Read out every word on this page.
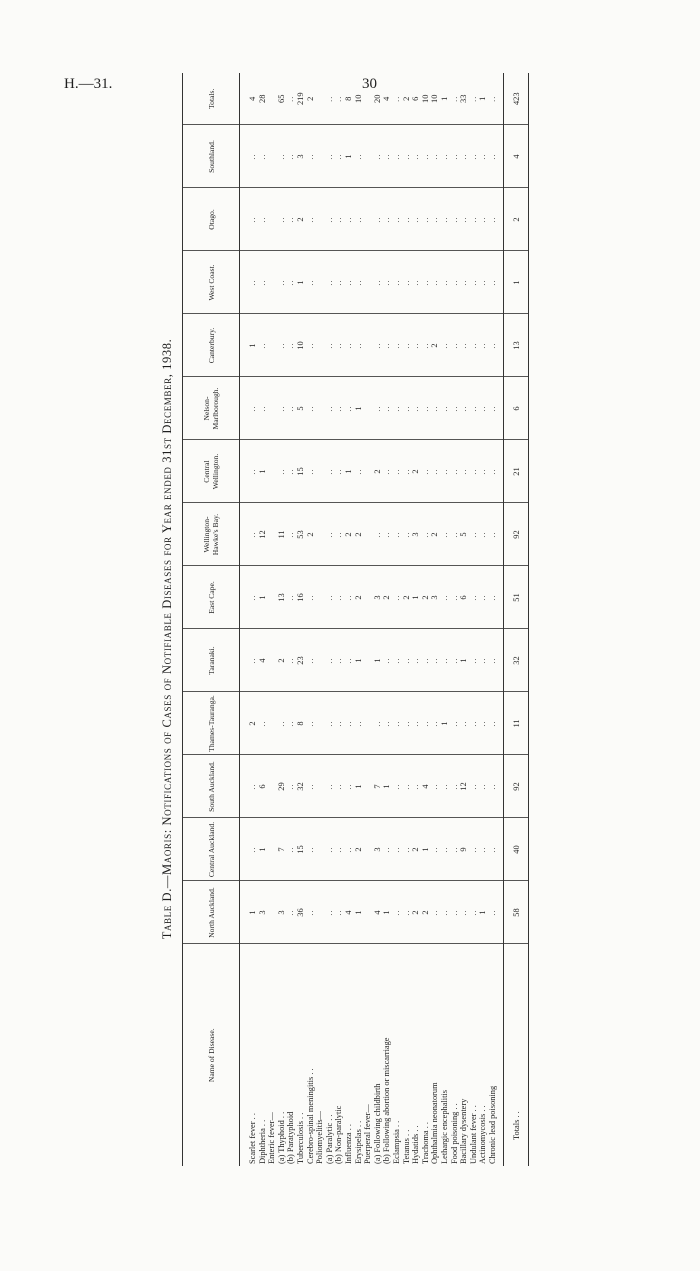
H.—31.	30
Table D.—Maoris: Notifications of Cases of Notifiable Diseases for Year ended 31st December, 1938.
Name of Disease.	North Auckland.	Central Auckland.	South Auckland.	Thames-Tauranga.	Taranaki.	East Cape.	Wellington-Hawke's Bay.	Central Wellington.	Nelson-Marlborough.	Canterbury.	West Coast.	Otago.	Southland.	Totals.
Scarlet fever . .	1	..	..	2	..	..	..	..	..	1	..	..	..	4
Diphtheria . .	3	1	6	..	4	1	12	1	..	..	..	..	..	28
Enteric fever—														
(a) Thyphoid . .	3	7	29	..	2	13	11	..	..	..	..	..	..	65
(b) Paratyphoid	..	..	..	..	..	..	..	..	..	..	..	..	..	..
Tuberculosis . .	36	15	32	8	23	16	53	15	5	10	1	2	3	219
Cerebro-spinal meningitis . .	..	..	..	..	..	..	2	..	..	..	..	..	..	2
Poliomyelitis—														
(a) Paralytic . .	..	..	..	..	..	..	..	..	..	..	..	..	..	..
(b) Non-paralytic	..	..	..	..	..	..	..	..	..	..	..	..	..	..
Influenza . .	4	..	..	..	..	..	2	1	..	..	..	..	1	8
Erysipelas . .	1	2	1	..	1	2	2	..	1	..	..	..	..	10
Puerperal fever—														
(a) Following childbirth	4	3	7	..	1	3	..	2	..	..	..	..	..	20
(b) Following abortion or miscarriage	1	..	1	..	..	2	..	..	..	..	..	..	..	4
Eclampsia . .	..	..	..	..	..	..	..	..	..	..	..	..	..	..
Tetanus . .	..	..	..	..	..	2	..	..	..	..	..	..	..	2
Hydatids . .	2	2	..	..	..	1	3	2	..	..	..	..	..	6
Trachoma . .	2	1	4	..	..	2	..	..	..	..	..	..	..	10
Ophthalmia neonatorum	..	..	..	..	..	3	2	..	..	2	..	..	..	10
Lethargic encephalitis	..	..	..	1	..	..	..	..	..	..	..	..	..	1
Food poisoning . .	..	..	..	..	..	..	..	..	..	..	..	..	..	..
Bacillary dysentery	..	9	12	..	1	6	5	..	..	..	..	..	..	33
Undulant fever . .	..	..	..	..	..	..	..	..	..	..	..	..	..	..
Actinomycosis . .	1	..	..	..	..	..	..	..	..	..	..	..	..	1
Chronic lead poisoning	..	..	..	..	..	..	..	..	..	..	..	..	..	..
Totals . .	58	40	92	11	32	51	92	21	6	13	1	2	4	423
